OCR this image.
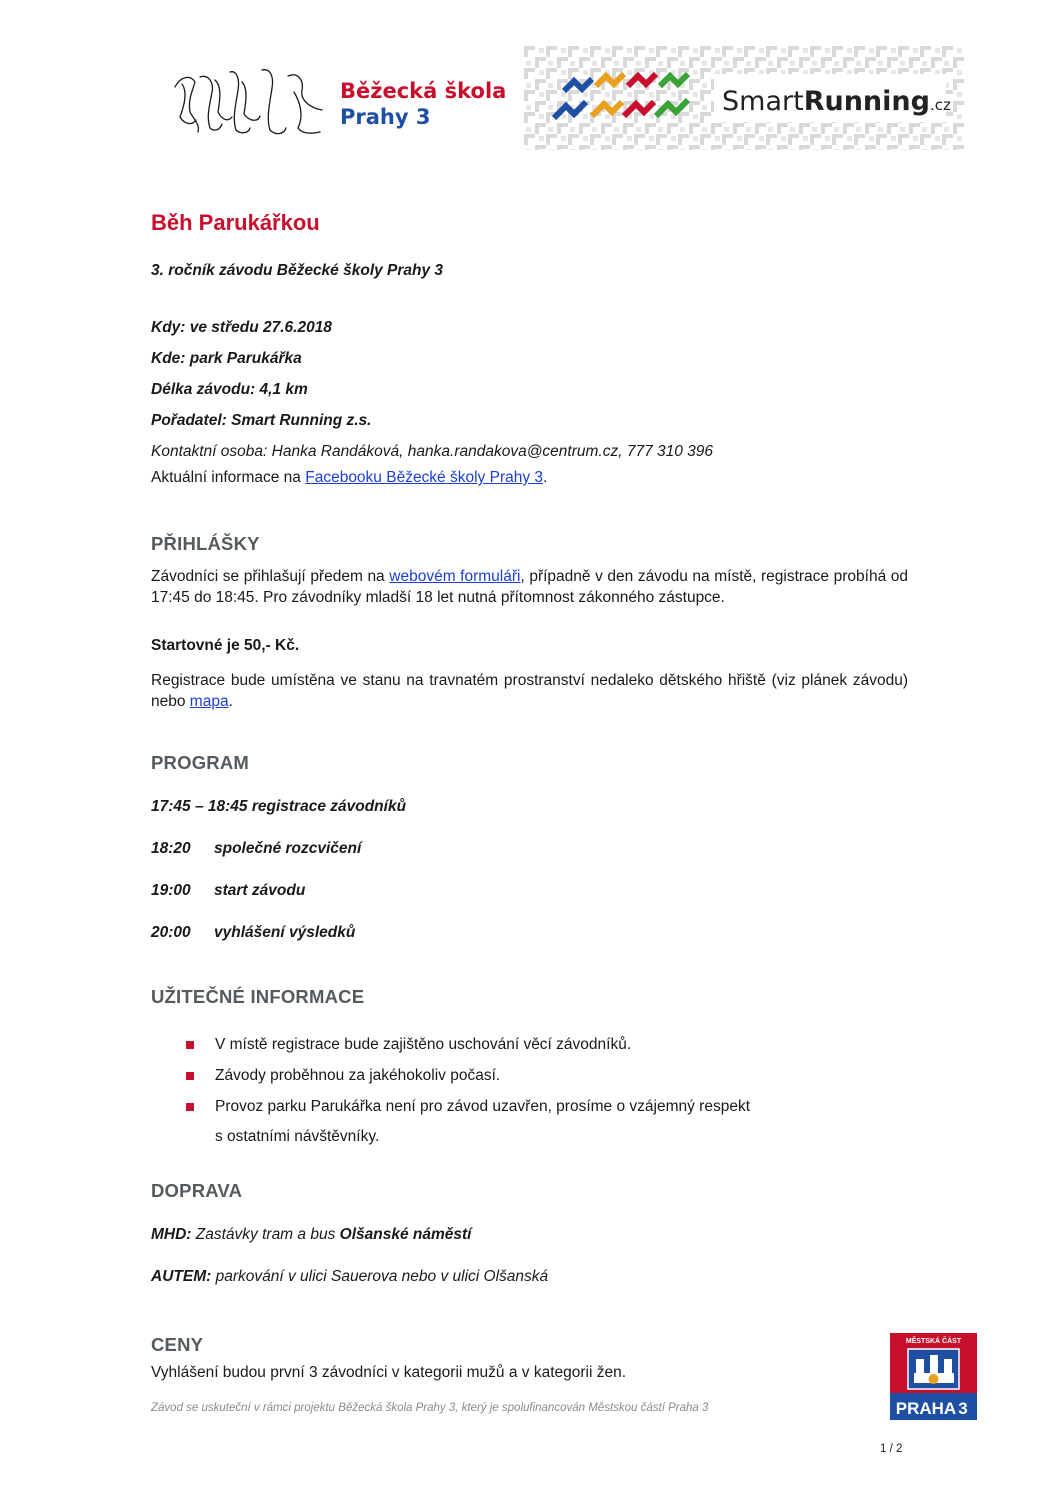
Běžecká škola
Prahy 3	SmartRunning.cz
Běh Parukářkou
3. ročník závodu Běžecké školy Prahy 3
Kdy: ve středu 27.6.2018
Kde: park Parukářka
Délka závodu: 4,1 km
Pořadatel: Smart Running z.s.
Kontaktní osoba: Hanka Randáková, hanka.randakova@centrum.cz, 777 310 396
Aktuální informace na Facebooku Běžecké školy Prahy 3.
PŘIHLÁŠKY
Závodníci se přihlašují předem na webovém formuláři, případně v den závodu na místě, registrace probíhá od 17:45 do 18:45. Pro závodníky mladší 18 let nutná přítomnost zákonného zástupce.
Startovné je 50,- Kč.
Registrace bude umístěna ve stanu na travnatém prostranství nedaleko dětského hřiště (viz plánek závodu) nebo mapa.
PROGRAM
17:45 – 18:45 registrace závodníků
18:20 společné rozcvičení
19:00 start závodu
20:00 vyhlášení výsledků
UŽITEČNÉ INFORMACE
V místě registrace bude zajištěno uschování věcí závodníků.
Závody proběhnou za jakéhokoliv počasí.
Provoz parku Parukářka není pro závod uzavřen, prosíme o vzájemný respekt
s ostatními návštěvníky.
DOPRAVA
MHD: Zastávky tram a bus Olšanské náměstí
AUTEM: parkování v ulici Sauerova nebo v ulici Olšanská
CENY
Vyhlášení budou první 3 závodníci v kategorii mužů a v kategorii žen.
Závod se uskuteční v rámci projektu Běžecká škola Prahy 3, který je spolufinancován Městskou částí Praha 3
1 / 2
MĚSTSKÁ ČÁST
PRAHA 3
